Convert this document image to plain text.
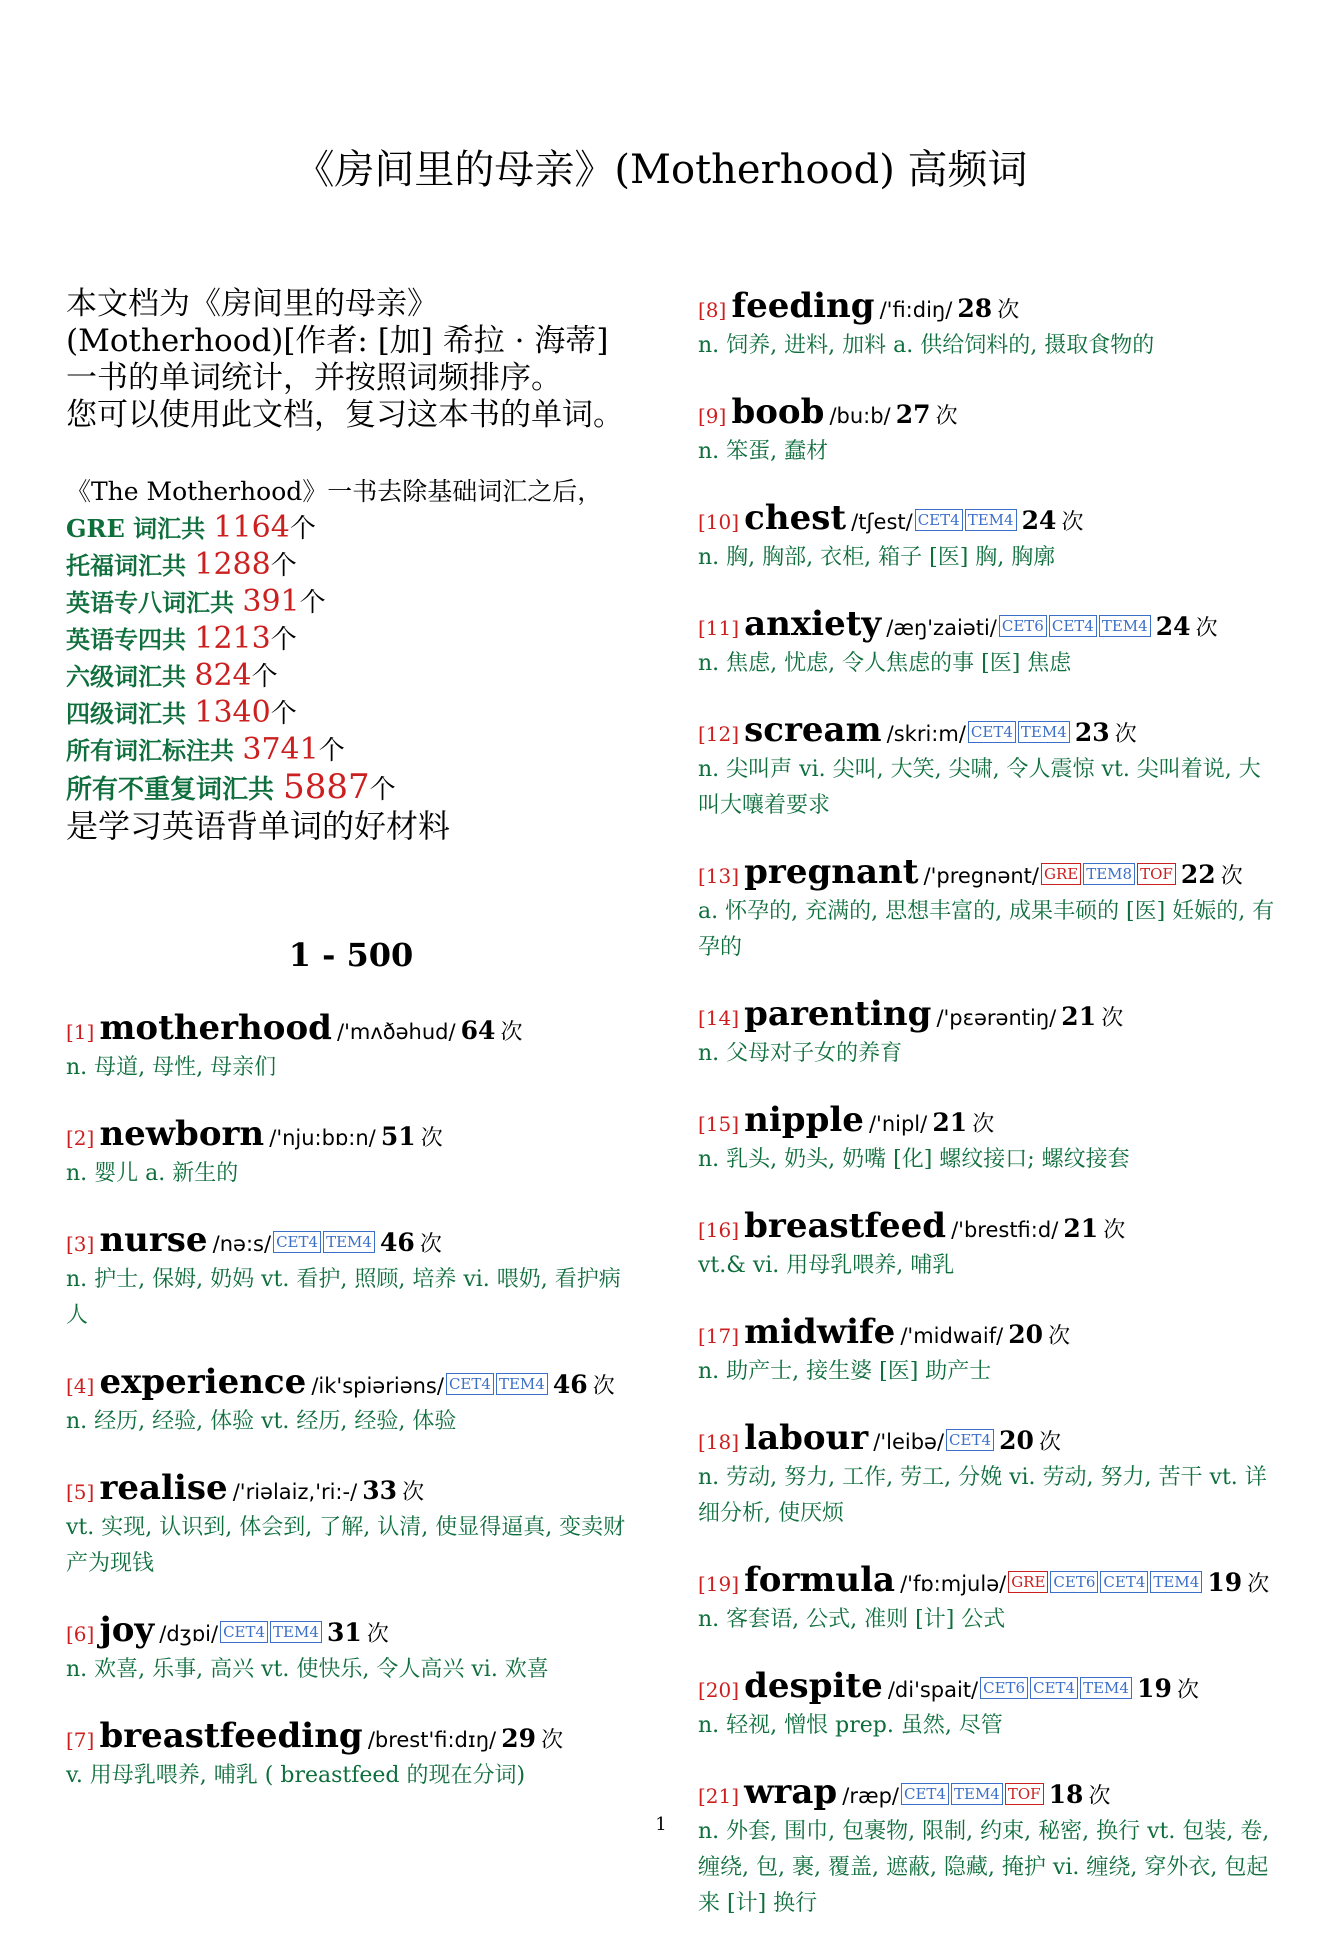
《房间里的母亲》(Motherhood) 高频词

本文档为《房间里的母亲》(Motherhood)[作者: [加] 希拉 · 海蒂] 一书的单词统计，并按照词频排序。

您可以使用此文档，复习这本书的单词。

《The Motherhood》一书去除基础词汇之后，
GRE 词汇共 1164个
托福词汇共 1288个
英语专八词汇共 391个
英语专四共 1213个
六级词汇共 824个
四级词汇共 1340个
所有词汇标注共 3741个
所有不重复词汇共 5887个
是学习英语背单词的好材料
1 - 500
[1] motherhood /'mʌðəhud/ 64 次
n. 母道, 母性, 母亲们
[2] newborn /'nju:bɒ:n/ 51 次
n. 婴儿 a. 新生的
[3] nurse /nə:s/ CET4 TEM4 46 次
n. 护士, 保姆, 奶妈 vt. 看护, 照顾, 培养 vi. 喂奶, 看护病人
[4] experience /ik'spiəriəns/ CET4 TEM4 46 次
n. 经历, 经验, 体验 vt. 经历, 经验, 体验
[5] realise /'riəlaiz,'ri:-/ 33 次
vt. 实现, 认识到, 体会到, 了解, 认清, 使显得逼真, 变卖财产为现钱
[6] joy /dʒɒi/ CET4 TEM4 31 次
n. 欢喜, 乐事, 高兴 vt. 使快乐, 令人高兴 vi. 欢喜
[7] breastfeeding /brest'fi:dɪŋ/ 29 次
v. 用母乳喂养, 哺乳 ( breastfeed 的现在分词)
[8] feeding /'fi:diŋ/ 28 次
n. 饲养, 进料, 加料 a. 供给饲料的, 摄取食物的
[9] boob /bu:b/ 27 次
n. 笨蛋, 蠢材
[10] chest /tʃest/ CET4 TEM4 24 次
n. 胸, 胸部, 衣柜, 箱子 [医] 胸, 胸廓
[11] anxiety /æŋ'zaiəti/ CET6 CET4 TEM4 24 次
n. 焦虑, 忧虑, 令人焦虑的事 [医] 焦虑
[12] scream /skri:m/ CET4 TEM4 23 次
n. 尖叫声 vi. 尖叫, 大笑, 尖啸, 令人震惊 vt. 尖叫着说, 大叫大嚷着要求
[13] pregnant /'pregnənt/ GRE TEM8 TOF 22 次
a. 怀孕的, 充满的, 思想丰富的, 成果丰硕的 [医] 妊娠的, 有孕的
[14] parenting /'pɛərəntiŋ/ 21 次
n. 父母对子女的养育
[15] nipple /'nipl/ 21 次
n. 乳头, 奶头, 奶嘴 [化] 螺纹接口; 螺纹接套
[16] breastfeed /'brestfi:d/ 21 次
vt.& vi. 用母乳喂养, 哺乳
[17] midwife /'midwaif/ 20 次
n. 助产士, 接生婆 [医] 助产士
[18] labour /'leibə/ CET4 20 次
n. 劳动, 努力, 工作, 劳工, 分娩 vi. 劳动, 努力, 苦干 vt. 详细分析, 使厌烦
[19] formula /'fɒ:mjulə/ GRE CET6 CET4 TEM4 19 次
n. 客套语, 公式, 准则 [计] 公式
[20] despite /di'spait/ CET6 CET4 TEM4 19 次
n. 轻视, 憎恨 prep. 虽然, 尽管
[21] wrap /ræp/ CET4 TEM4 TOF 18 次
n. 外套, 围巾, 包裹物, 限制, 约束, 秘密, 换行 vt. 包装, 卷, 缠绕, 包, 裹, 覆盖, 遮蔽, 隐藏, 掩护 vi. 缠绕, 穿外衣, 包起来 [计] 换行
1
